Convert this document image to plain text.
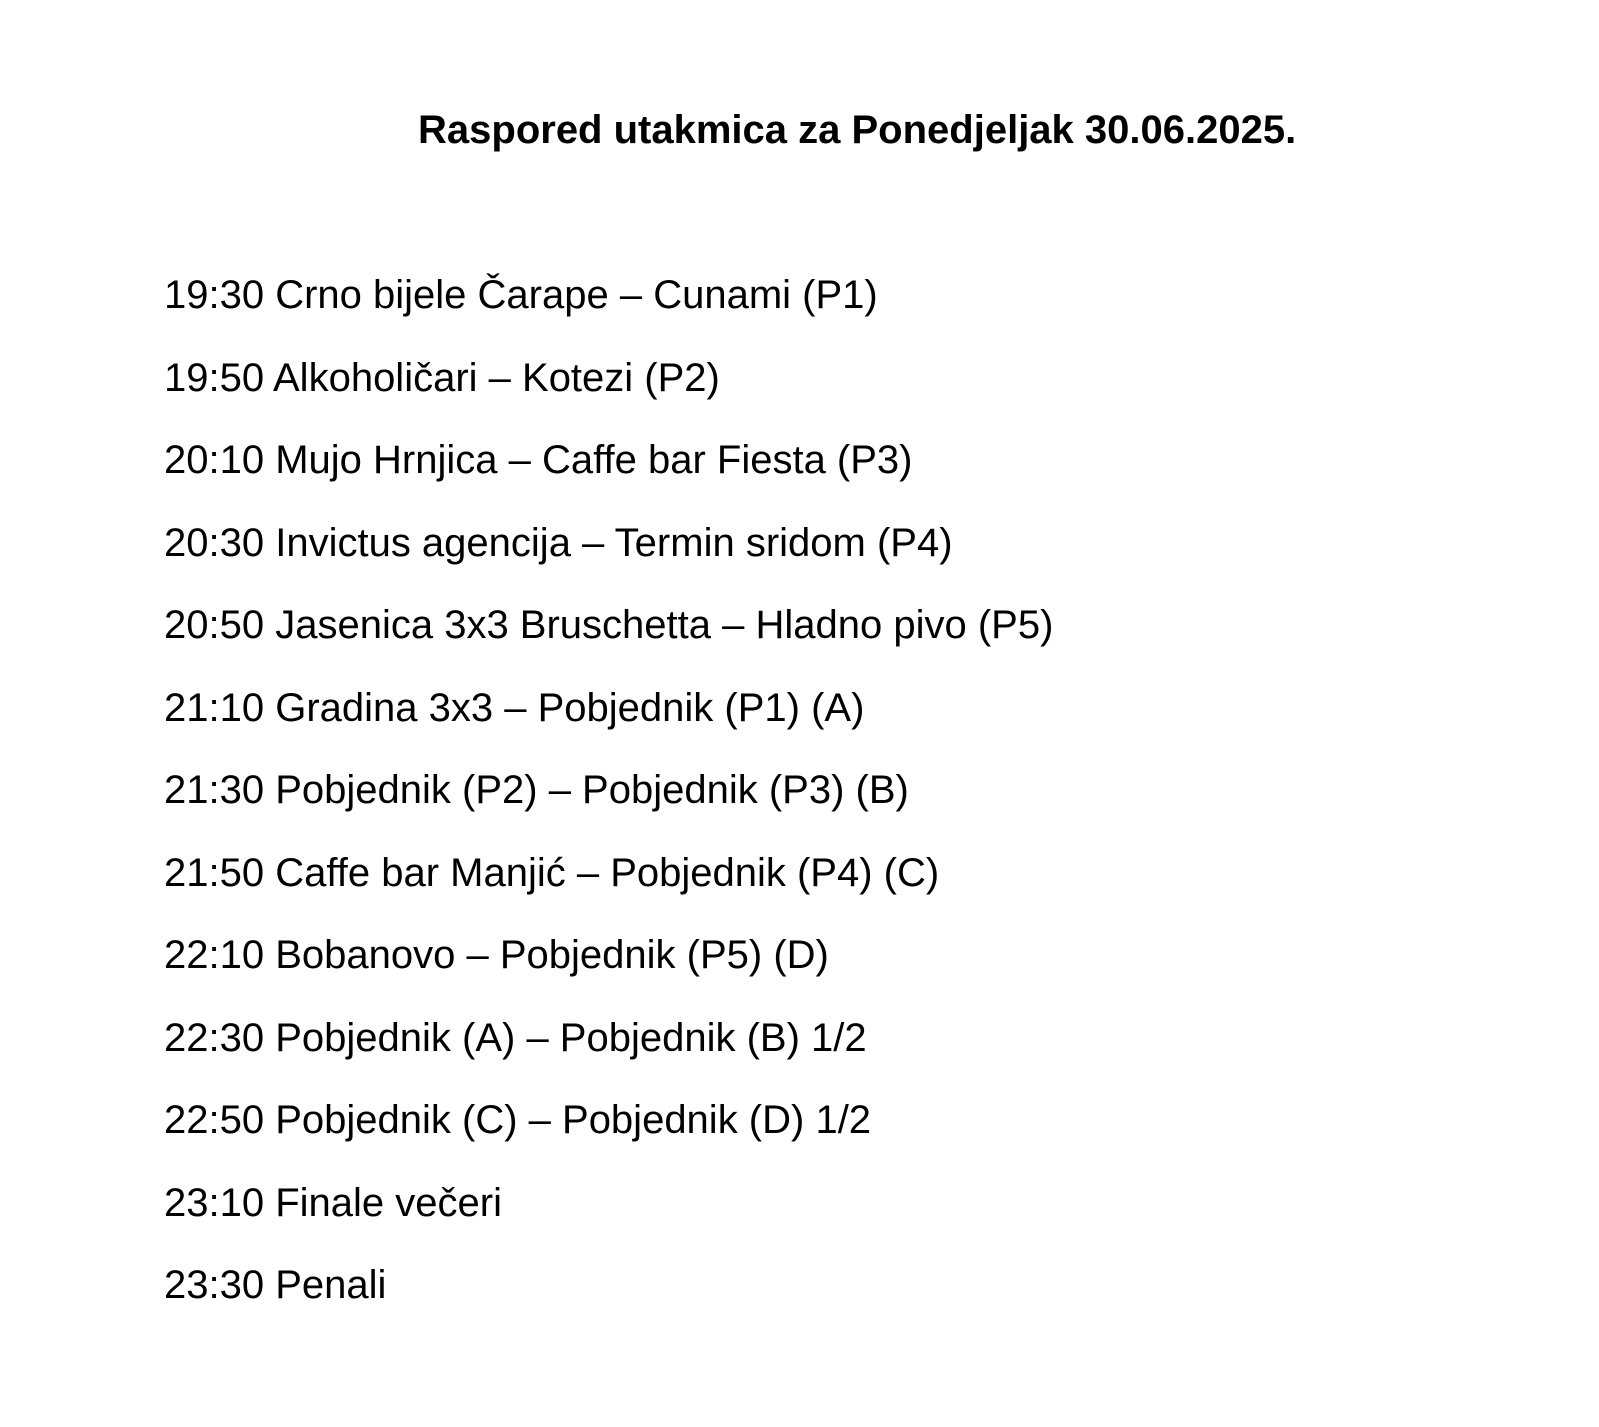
Raspored utakmica za Ponedjeljak 30.06.2025.
19:30 Crno bijele Čarape – Cunami (P1)
19:50 Alkoholičari – Kotezi (P2)
20:10 Mujo Hrnjica – Caffe bar Fiesta (P3)
20:30 Invictus agencija – Termin sridom (P4)
20:50 Jasenica 3x3 Bruschetta – Hladno pivo (P5)
21:10 Gradina 3x3 – Pobjednik (P1) (A)
21:30 Pobjednik (P2) – Pobjednik (P3) (B)
21:50 Caffe bar Manjić – Pobjednik (P4) (C)
22:10 Bobanovo – Pobjednik (P5) (D)
22:30 Pobjednik (A) – Pobjednik (B) 1/2
22:50 Pobjednik (C) – Pobjednik (D) 1/2
23:10 Finale večeri
23:30 Penali
